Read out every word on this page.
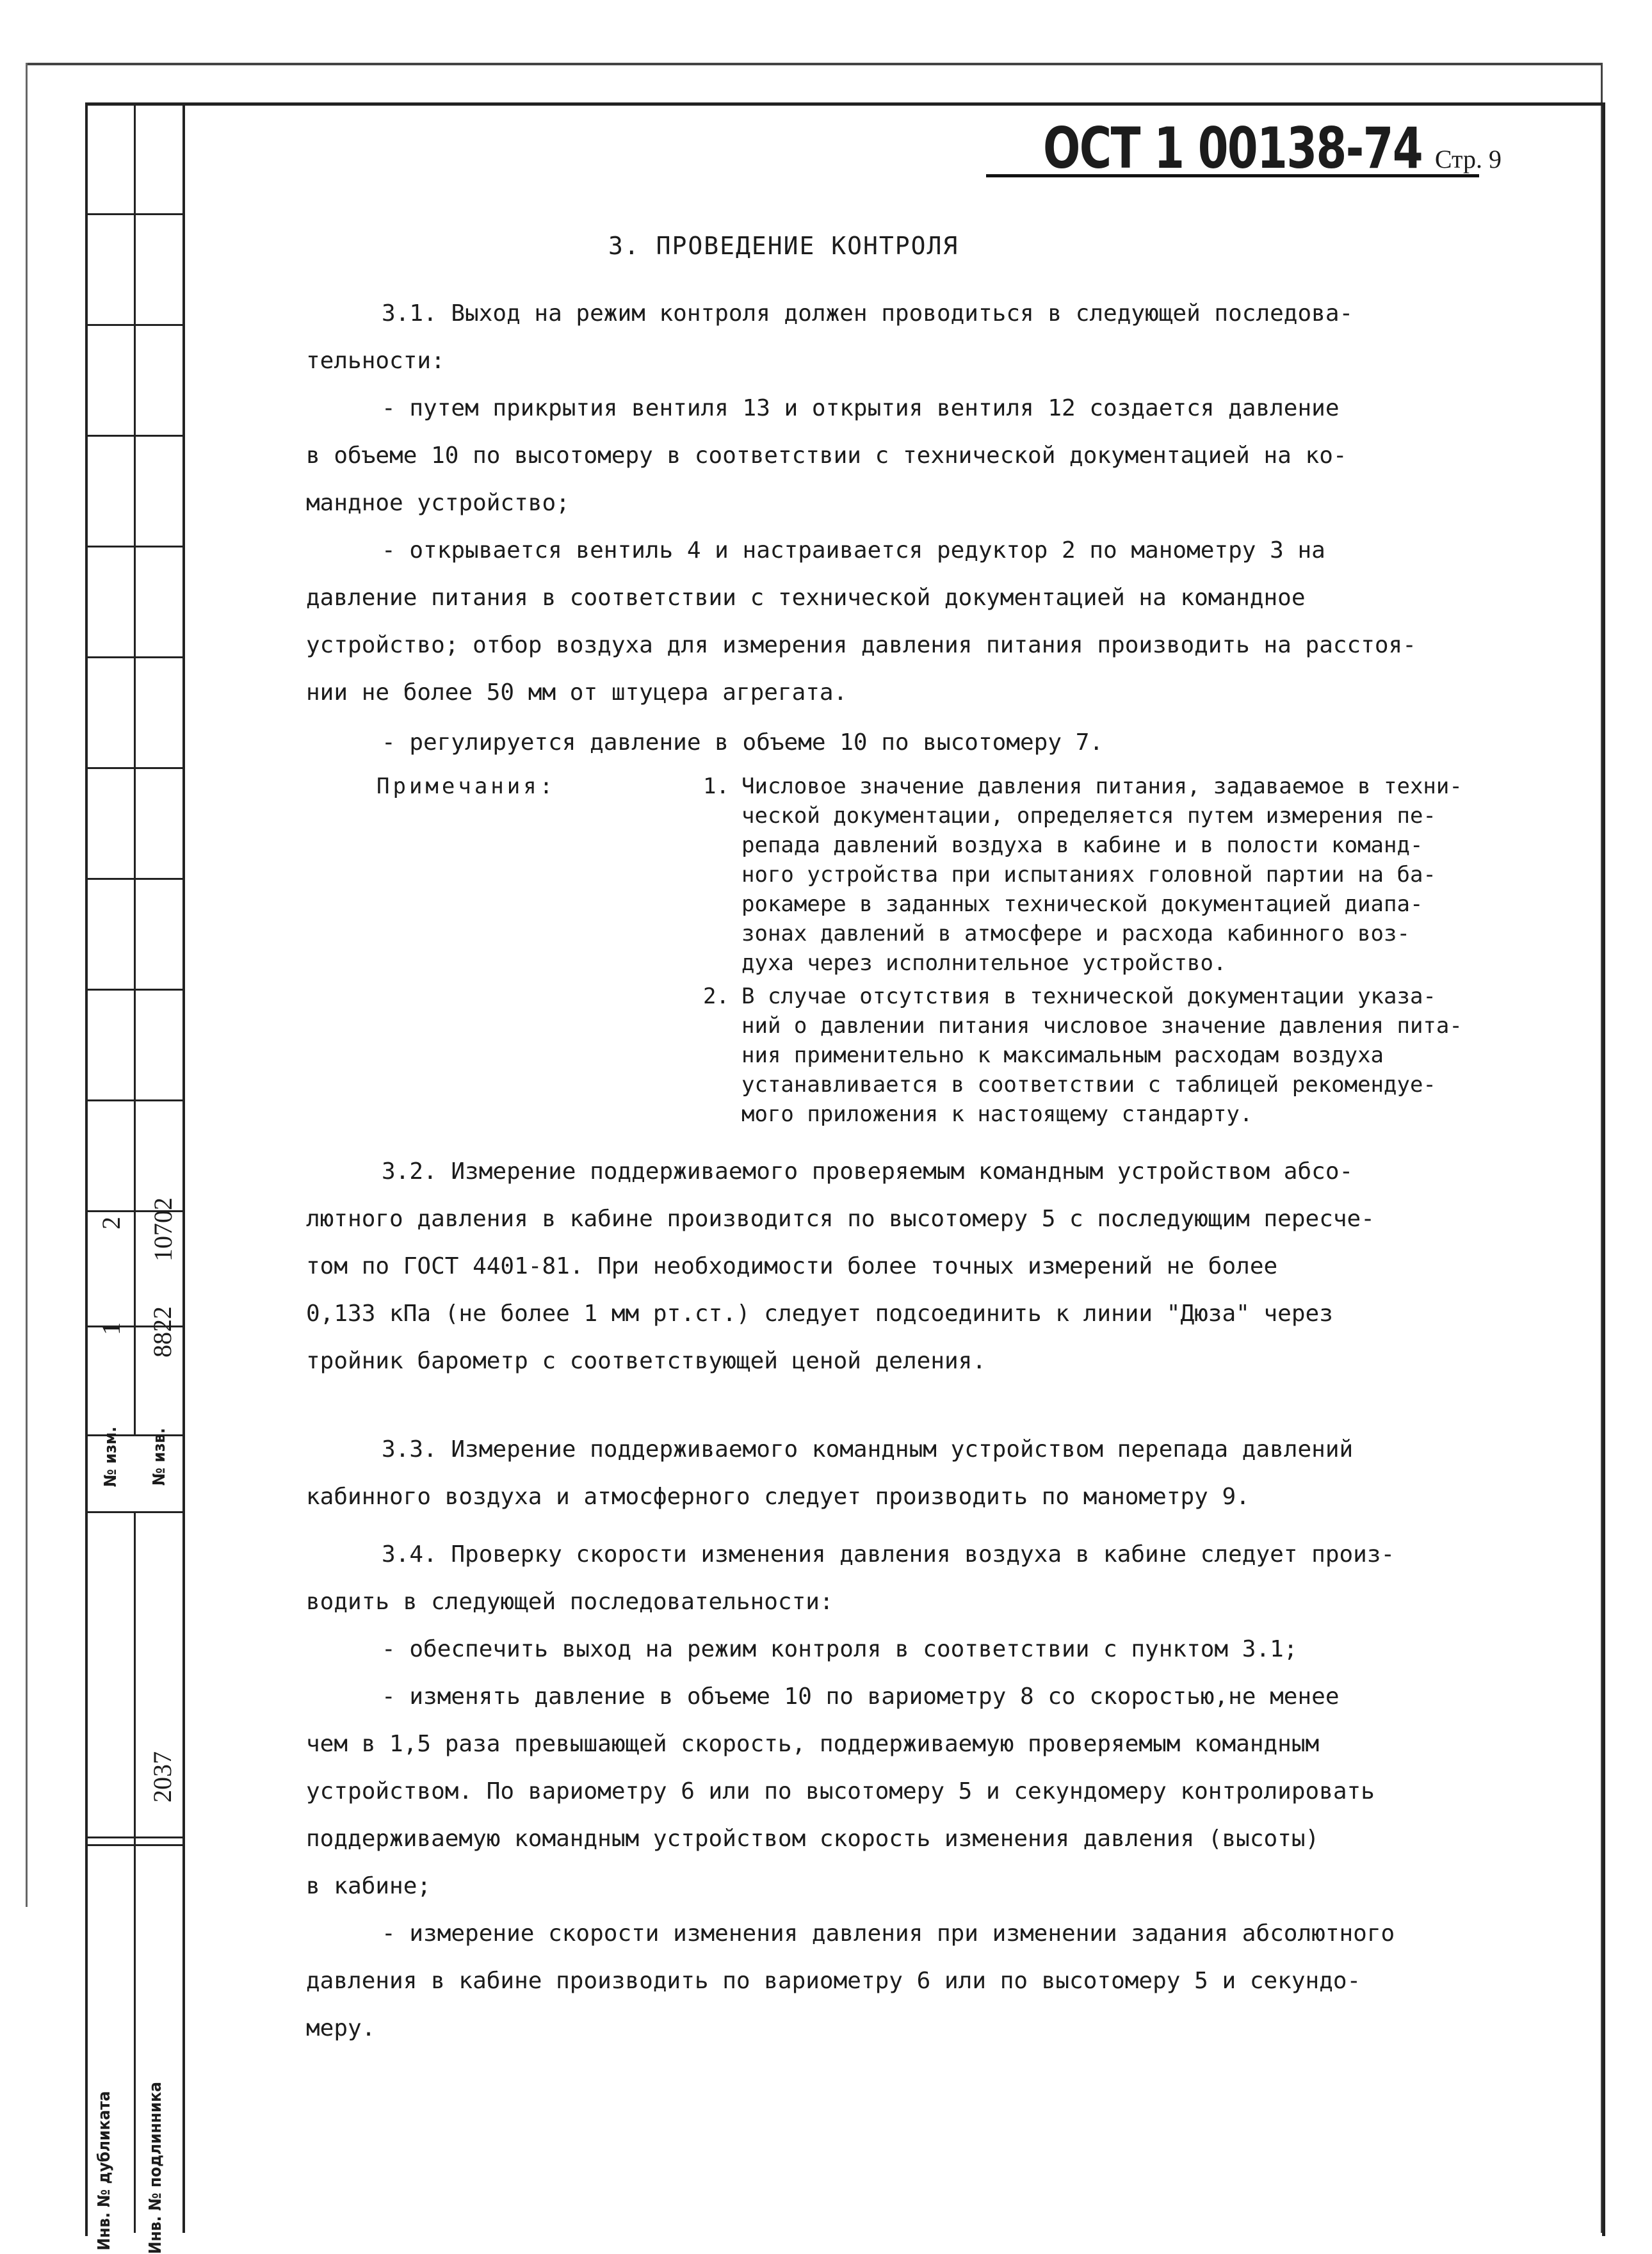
2
1
№ изм.
10702
8822
№ изв.
2037
Инв. № дубликата	Инв. № подлинника
ОСТ 1 00138-74 Стр. 9
3. ПРОВЕДЕНИЕ КОНТРОЛЯ

3.1. Выход на режим контроля должен проводиться в следующей последова-
тельности:

- путем прикрытия вентиля 13 и открытия вентиля 12 создается давление
в объеме 10 по высотомеру в соответствии с технической документацией на ко-
мандное устройство;

- открывается вентиль 4 и настраивается редуктор 2 по манометру 3 на
давление питания в соответствии с технической документацией на командное
устройство; отбор воздуха для измерения давления питания производить на расстоя-
нии не более 50 мм от штуцера агрегата.

- регулируется давление в объеме 10 по высотомеру 7.

Примечания:	1. Числовое значение давления питания, задаваемое в техни-
ческой документации, определяется путем измерения пе-
репада давлений воздуха в кабине и в полости команд-
ного устройства при испытаниях головной партии на ба-
рокамере в заданных технической документацией диапа-
зонах давлений в атмосфере и расхода кабинного воз-
духа через исполнительное устройство.
2. В случае отсутствия в технической документации указа-
ний о давлении питания числовое значение давления пита-
ния применительно к максимальным расходам воздуха
устанавливается в соответствии с таблицей рекомендуе-
мого приложения к настоящему стандарту.

3.2. Измерение поддерживаемого проверяемым командным устройством абсо-
лютного давления в кабине производится по высотомеру 5 с последующим пересче-
том по ГОСТ 4401-81. При необходимости более точных измерений не более
0,133 кПа (не более 1 мм рт.ст.) следует подсоединить к линии "Дюза" через
тройник барометр с соответствующей ценой деления.

3.3. Измерение поддерживаемого командным устройством перепада давлений
кабинного воздуха и атмосферного следует производить по манометру 9.

3.4. Проверку скорости изменения давления воздуха в кабине следует произ-
водить в следующей последовательности:

- обеспечить выход на режим контроля в соответствии с пунктом 3.1;

- изменять давление в объеме 10 по вариометру 8 со скоростью,не менее
чем в 1,5 раза превышающей скорость, поддерживаемую проверяемым командным
устройством. По вариометру 6 или по высотомеру 5 и секундомеру контролировать
поддерживаемую командным устройством скорость изменения давления (высоты)
в кабине;

- измерение скорости изменения давления при изменении задания абсолютного
давления в кабине производить по вариометру 6 или по высотомеру 5 и секундо-
меру.
